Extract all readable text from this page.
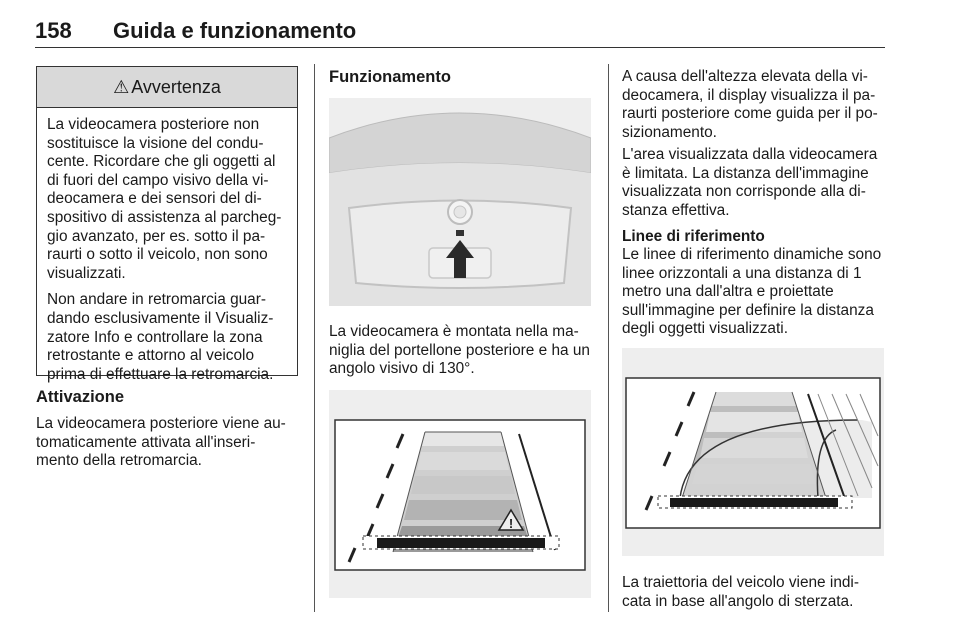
158 Guida e funzionamento
⚠ Avvertenza

La videocamera posteriore non sostituisce la visione del condu-cente. Ricordare che gli oggetti al di fuori del campo visivo della vi-deocamera e dei sensori del di-spositivo di assistenza al parcheg-gio avanzato, per es. sotto il pa-raurti o sotto il veicolo, non sono visualizzati.

Non andare in retromarcia guar-dando esclusivamente il Visualiz-zatore Info e controllare la zona retrostante e attorno al veicolo prima di effettuare la retromarcia.

Attivazione

La videocamera posteriore viene au-tomaticamente attivata all'inseri-mento della retromarcia.

Funzionamento

La videocamera è montata nella ma-niglia del portellone posteriore e ha un angolo visivo di 130°.

!

A causa dell'altezza elevata della vi-deocamera, il display visualizza il pa-raurti posteriore come guida per il po-sizionamento.

L'area visualizzata dalla videocamera è limitata. La distanza dell'immagine visualizzata non corrisponde alla di-stanza effettiva.

Linee di riferimento

Le linee di riferimento dinamiche sono linee orizzontali a una distanza di 1 metro una dall'altra e proiettate sull'immagine per definire la distanza degli oggetti visualizzati.

La traiettoria del veicolo viene indi-cata in base all'angolo di sterzata.
